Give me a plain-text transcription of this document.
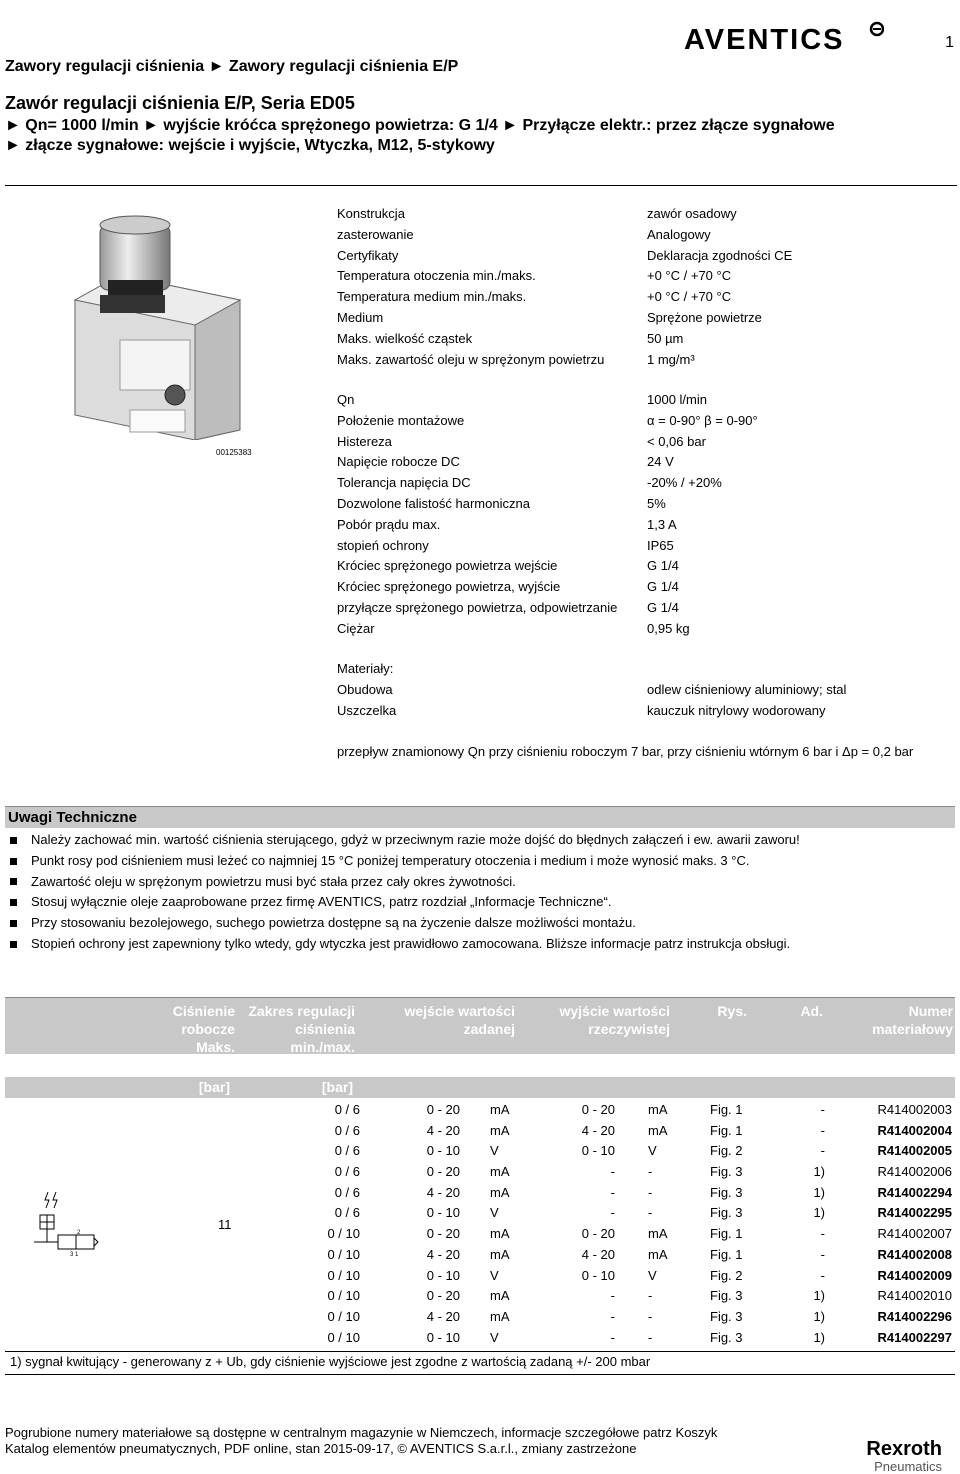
Zawory regulacji ciśnienia ► Zawory regulacji ciśnienia E/P
AVENTICS	1
Zawór regulacji ciśnienia E/P, Seria ED05
► Qn= 1000 l/min ► wyjście króćca sprężonego powietrza: G 1/4 ► Przyłącze elektr.: przez złącze sygnałowe
► złącze sygnałowe: wejście i wyjście, Wtyczka, M12, 5-stykowy
00125383
Konstrukcja	zawór osadowy
zasterowanie	Analogowy
Certyfikaty	Deklaracja zgodności CE
Temperatura otoczenia min./maks.	+0 °C / +70 °C
Temperatura medium min./maks.	+0 °C / +70 °C
Medium	Sprężone powietrze
Maks. wielkość cząstek	50 µm
Maks. zawartość oleju w sprężonym powietrzu	1 mg/m³
Qn	1000 l/min
Położenie montażowe	α = 0-90° β = 0-90°
Histereza	< 0,06 bar
Napięcie robocze DC	24 V
Tolerancja napięcia DC	-20% / +20%
Dozwolone falistość harmoniczna	5%
Pobór prądu max.	1,3 A
stopień ochrony	IP65
Króciec sprężonego powietrza wejście	G 1/4
Króciec sprężonego powietrza, wyjście	G 1/4
przyłącze sprężonego powietrza, odpowietrzanie	G 1/4
Ciężar	0,95 kg
Materiały:
Obudowa	odlew ciśnieniowy aluminiowy; stal
Uszczelka	kauczuk nitrylowy wodorowany
przepływ znamionowy Qn przy ciśnieniu roboczym 7 bar, przy ciśnieniu wtórnym 6 bar i Δp = 0,2 bar
Uwagi Techniczne
Należy zachować min. wartość ciśnienia sterującego, gdyż w przeciwnym razie może dojść do błędnych załączeń i ew. awarii zaworu!
Punkt rosy pod ciśnieniem musi leżeć co najmniej 15 °C poniżej temperatury otoczenia i medium i może wynosić maks. 3 °C.
Zawartość oleju w sprężonym powietrzu musi być stała przez cały okres żywotności.
Stosuj wyłącznie oleje zaaprobowane przez firmę AVENTICS, patrz rozdział „Informacje Techniczne“.
Przy stosowaniu bezolejowego, suchego powietrza dostępne są na życzenie dalsze możliwości montażu.
Stopień ochrony jest zapewniony tylko wtedy, gdy wtyczka jest prawidłowo zamocowana. Bliższe informacje patrz instrukcja obsługi.
Ciśnienie robocze Maks.
Zakres regulacji ciśnienia min./max.
wejście wartości zadanej
wyjście wartości rzeczywistej
Rys.	Ad.	Numer materiałowy
[bar]	[bar]
0 / 6	0 - 20 mA	0 - 20	mA	Fig. 1	-	R414002003
0 / 6	4 - 20 mA	4 - 20	mA	Fig. 1	-	R414002004
0 / 6	0 - 10 V	0 - 10	V	Fig. 2	-	R414002005
0 / 6	0 - 20 mA	-	-	Fig. 3	1)	R414002006
0 / 6	4 - 20 mA	-	-	Fig. 3	1)	R414002294
0 / 6	0 - 10 V	-	-	Fig. 3	1)	R414002295
0 / 10	0 - 20 mA	0 - 20	mA	Fig. 1	-	R414002007
0 / 10	4 - 20 mA	4 - 20	mA	Fig. 1	-	R414002008
0 / 10	0 - 10 V	0 - 10	V	Fig. 2	-	R414002009
0 / 10	0 - 20 mA	-	-	Fig. 3	1)	R414002010
0 / 10	4 - 20 mA	-	-	Fig. 3	1)	R414002296
0 / 10	0 - 10 V	-	-	Fig. 3	1)	R414002297
11
2
3 1
1) sygnał kwitujący - generowany z + Ub, gdy ciśnienie wyjściowe jest zgodne z wartością zadaną +/- 200 mbar
Pogrubione numery materiałowe są dostępne w centralnym magazynie w Niemczech, informacje szczegółowe patrz Koszyk
Katalog elementów pneumatycznych, PDF online, stan 2015-09-17, © AVENTICS S.a.r.l., zmiany zastrzeżone	Rexroth
Pneumatics
